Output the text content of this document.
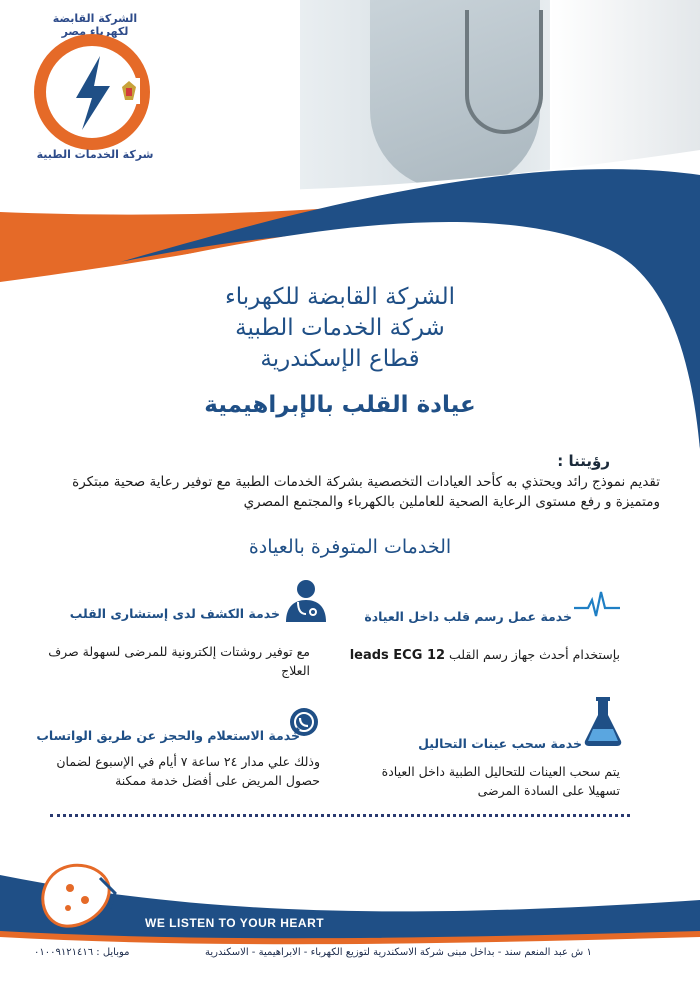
الشركة القابضة لكهرباء مصر
شركة الخدمات الطبية

الشركة القابضة للكهرباء

شركة الخدمات الطبية

قطاع الإسكندرية

عيادة القلب بالإبراهيمية
رؤيتنا :
تقديم نموذج رائد ويحتذي به كأحد العيادات التخصصية بشركة الخدمات الطبية مع توفير رعاية صحية مبتكرة ومتميزة و رفع مستوى الرعاية الصحية للعاملين بالكهرباء والمجتمع المصري
الخدمات المتوفرة بالعيادة
خدمة عمل رسم قلب داخل العيادة
بإستخدام أحدث جهاز رسم القلب 12 leads ECG
خدمة الكشف لدى إستشارى القلب
مع توفير روشتات إلكترونية للمرضى لسهولة صرف العلاج
خدمة سحب عينات التحاليل
يتم سحب العينات للتحاليل الطبية داخل العيادة تسهيلا على السادة المرضى
خدمة الاستعلام والحجز عن طريق الواتساب
وذلك علي مدار ٢٤ ساعة ٧ أيام في الإسبوع لضمان حصول المريض على أفضل خدمة ممكنة
WE LISTEN TO YOUR HEART
١ ش عبد المنعم سند - بداخل مبنى شركة الاسكندرية لتوزيع الكهرباء - الابراهيمية - الاسكندرية
موبايل : ٠١٠٠٩١٢١٤١٦
